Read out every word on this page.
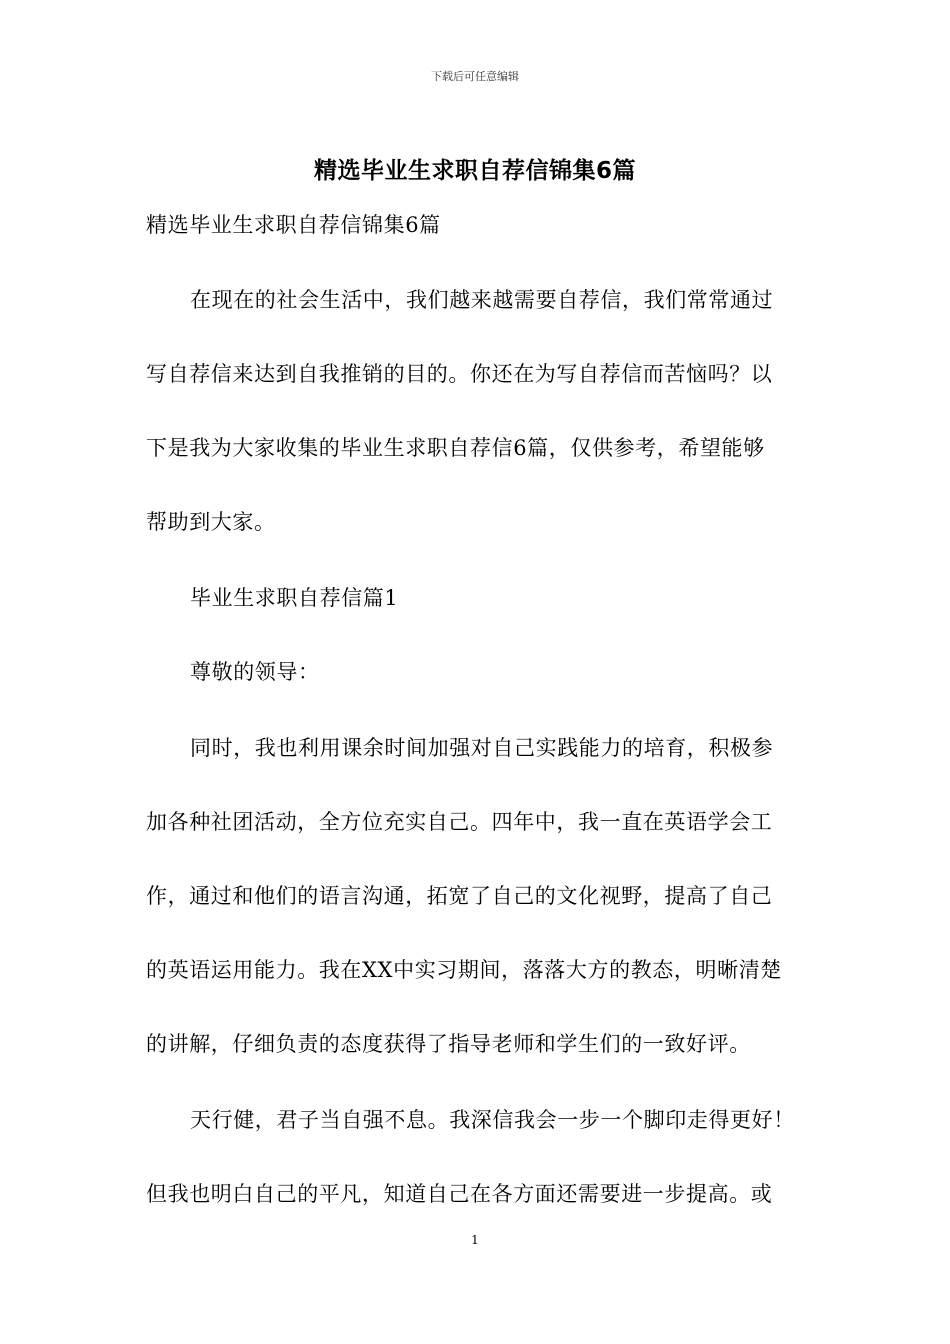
下载后可任意编辑
精选毕业生求职自荐信锦集6篇
精选毕业生求职自荐信锦集6篇
在现在的社会生活中，我们越来越需要自荐信，我们常常通过
写自荐信来达到自我推销的目的。你还在为写自荐信而苦恼吗？以
下是我为大家收集的毕业生求职自荐信6篇，仅供参考，希望能够
帮助到大家。
毕业生求职自荐信篇1
尊敬的领导：
同时，我也利用课余时间加强对自己实践能力的培育，积极参
加各种社团活动，全方位充实自己。四年中，我一直在英语学会工
作，通过和他们的语言沟通，拓宽了自己的文化视野，提高了自己
的英语运用能力。我在XX中实习期间，落落大方的教态，明晰清楚
的讲解，仔细负责的态度获得了指导老师和学生们的一致好评。
天行健，君子当自强不息。我深信我会一步一个脚印走得更好！
但我也明白自己的平凡，知道自己在各方面还需要进一步提高。或
1
